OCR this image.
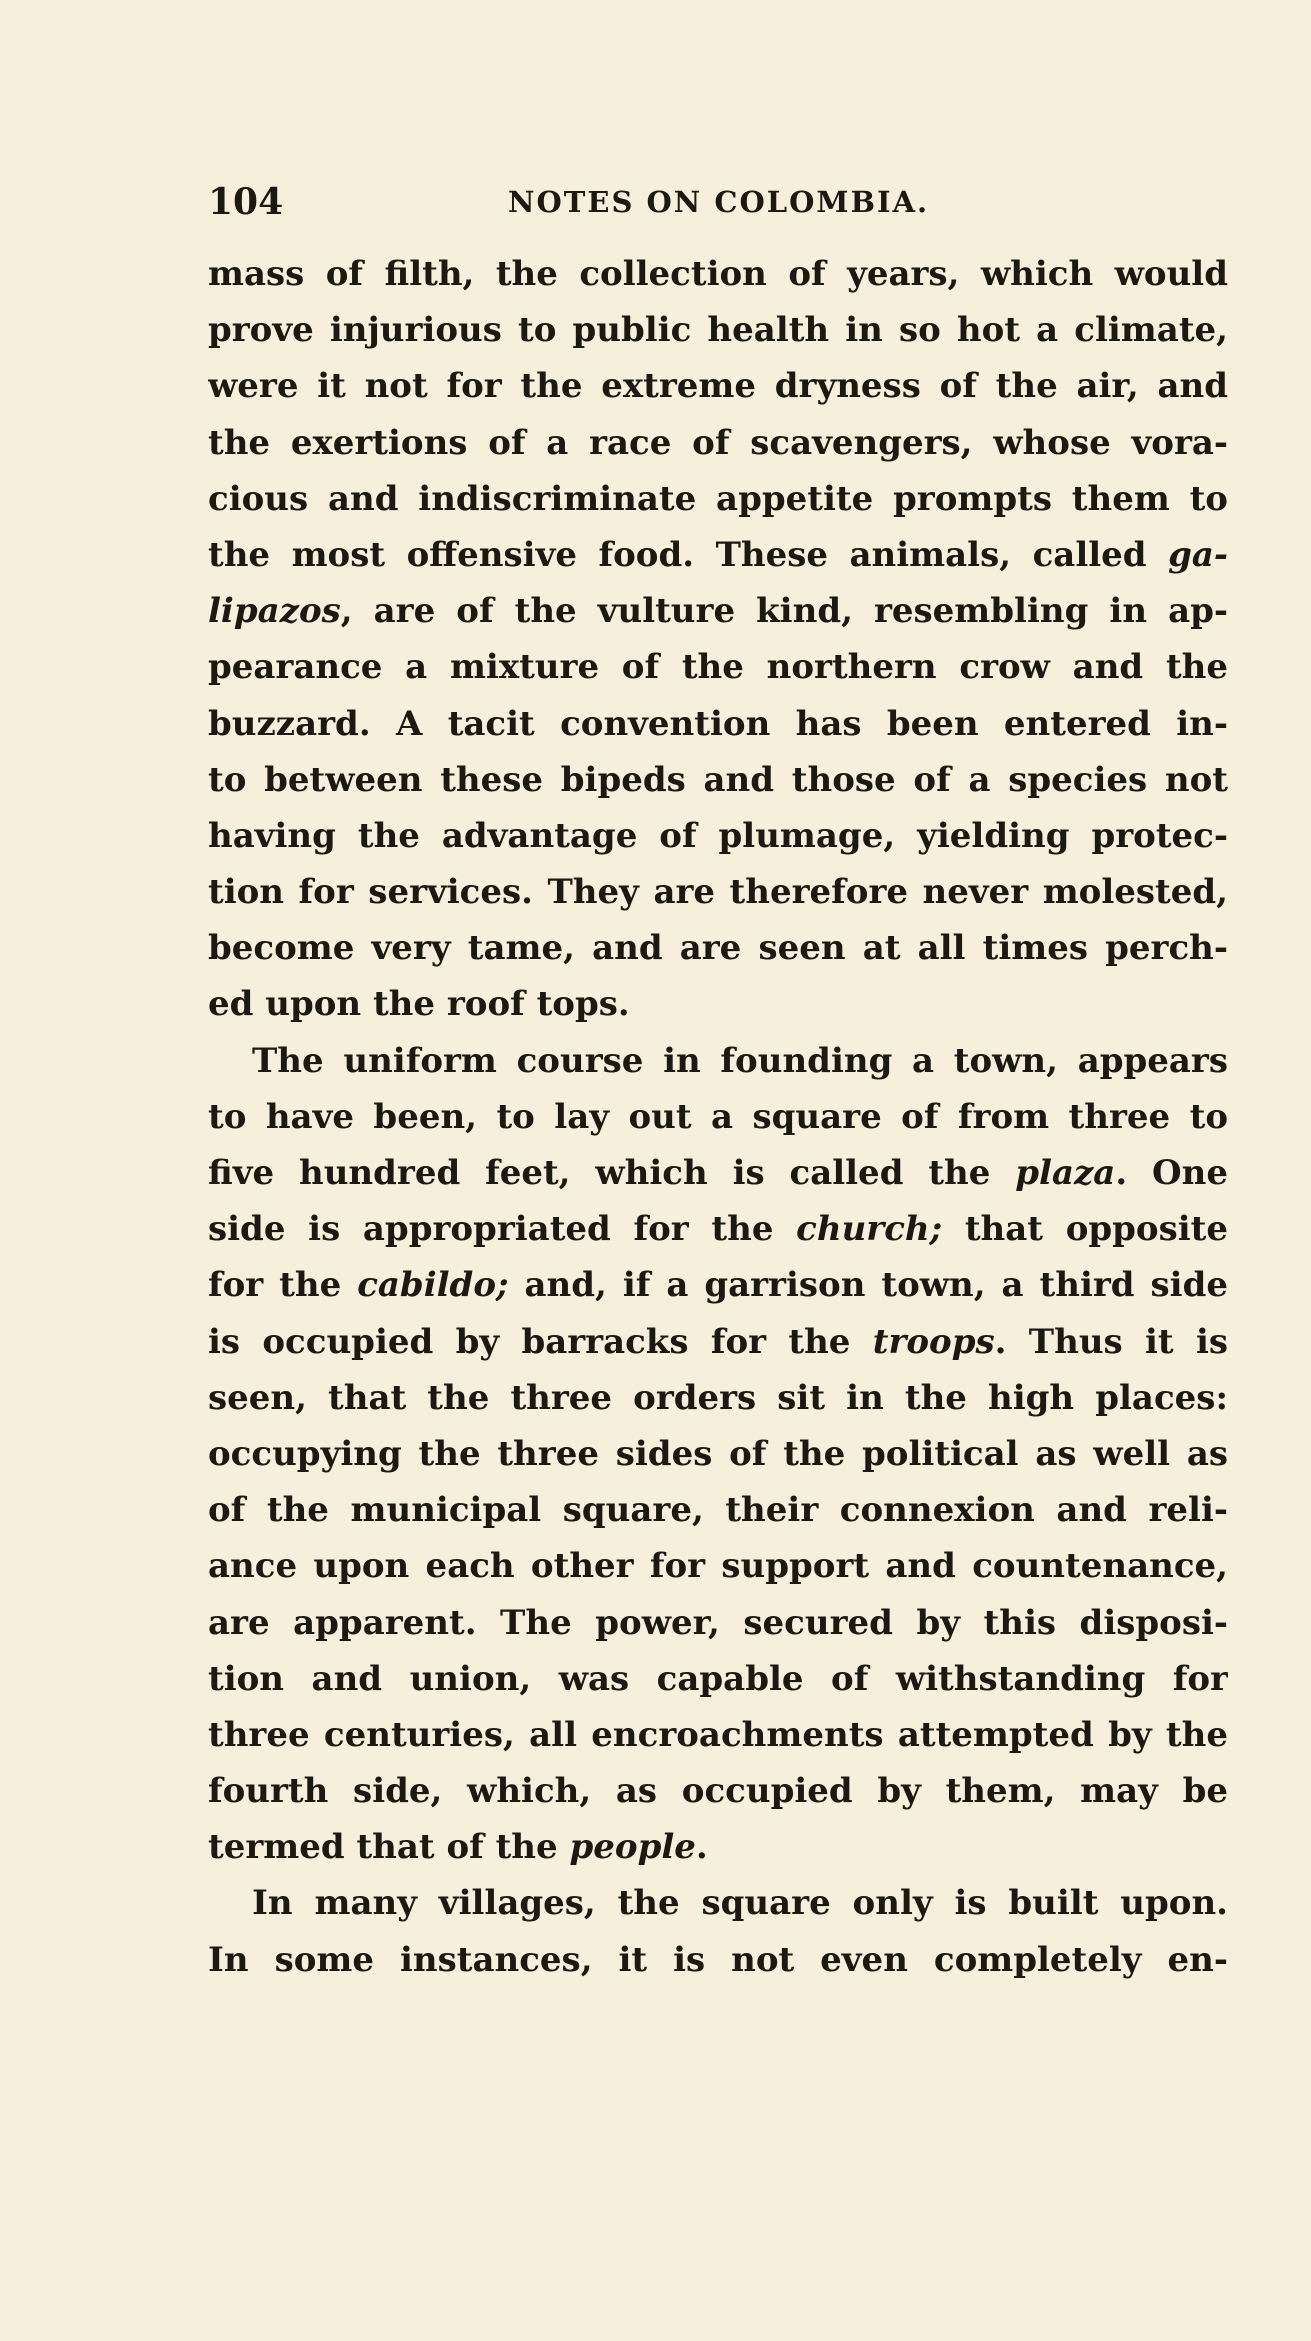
104	NOTES ON COLOMBIA.
mass of filth, the collection of years, which would
prove injurious to public health in so hot a climate,
were it not for the extreme dryness of the air, and
the exertions of a race of scavengers, whose vora-
cious and indiscriminate appetite prompts them to
the most offensive food. These animals, called ga-
lipazos, are of the vulture kind, resembling in ap-
pearance a mixture of the northern crow and the
buzzard. A tacit convention has been entered in-
to between these bipeds and those of a species not
having the advantage of plumage, yielding protec-
tion for services. They are therefore never molested,
become very tame, and are seen at all times perch-
ed upon the roof tops.
The uniform course in founding a town, appears
to have been, to lay out a square of from three to
five hundred feet, which is called the plaza. One
side is appropriated for the church; that opposite
for the cabildo; and, if a garrison town, a third side
is occupied by barracks for the troops. Thus it is
seen, that the three orders sit in the high places:
occupying the three sides of the political as well as
of the municipal square, their connexion and reli-
ance upon each other for support and countenance,
are apparent. The power, secured by this disposi-
tion and union, was capable of withstanding for
three centuries, all encroachments attempted by the
fourth side, which, as occupied by them, may be
termed that of the people.
In many villages, the square only is built upon.
In some instances, it is not even completely en-
